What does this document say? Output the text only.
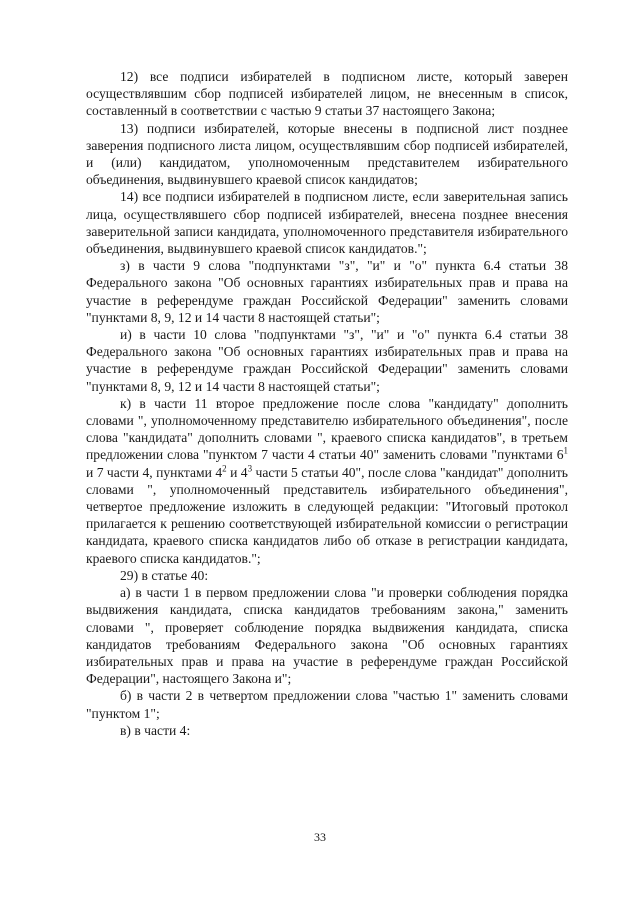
12) все подписи избирателей в подписном листе, который заверен осуществлявшим сбор подписей избирателей лицом, не внесенным в список, составленный в соответствии с частью 9 статьи 37 настоящего Закона;

13) подписи избирателей, которые внесены в подписной лист позднее заверения подписного листа лицом, осуществлявшим сбор подписей избирателей, и (или) кандидатом, уполномоченным представителем избирательного объединения, выдвинувшего краевой список кандидатов;

14) все подписи избирателей в подписном листе, если заверительная запись лица, осуществлявшего сбор подписей избирателей, внесена позднее внесения заверительной записи кандидата, уполномоченного представителя избирательного объединения, выдвинувшего краевой список кандидатов.";

з) в части 9 слова "подпунктами "з", "и" и "о" пункта 6.4 статьи 38 Федерального закона "Об основных гарантиях избирательных прав и права на участие в референдуме граждан Российской Федерации" заменить словами "пунктами 8, 9, 12 и 14 части 8 настоящей статьи";

и) в части 10 слова "подпунктами "з", "и" и "о" пункта 6.4 статьи 38 Федерального закона "Об основных гарантиях избирательных прав и права на участие в референдуме граждан Российской Федерации" заменить словами "пунктами 8, 9, 12 и 14 части 8 настоящей статьи";

к) в части 11 второе предложение после слова "кандидату" дополнить словами ", уполномоченному представителю избирательного объединения", после слова "кандидата" дополнить словами ", краевого списка кандидатов", в третьем предложении слова "пунктом 7 части 4 статьи 40" заменить словами "пунктами $6^1$ и 7 части 4, пунктами $4^2$ и $4^3$ части 5 статьи 40", после слова "кандидат" дополнить словами ", уполномоченный представитель избирательного объединения", четвертое предложение изложить в следующей редакции: "Итоговый протокол прилагается к решению соответствующей избирательной комиссии о регистрации кандидата, краевого списка кандидатов либо об отказе в регистрации кандидата, краевого списка кандидатов.";

29) в статье 40:

а) в части 1 в первом предложении слова "и проверки соблюдения порядка выдвижения кандидата, списка кандидатов требованиям закона," заменить словами ", проверяет соблюдение порядка выдвижения кандидата, списка кандидатов требованиям Федерального закона "Об основных гарантиях избирательных прав и права на участие в референдуме граждан Российской Федерации", настоящего Закона и";

б) в части 2 в четвертом предложении слова "частью 1" заменить словами "пунктом 1";

в) в части 4:

33
